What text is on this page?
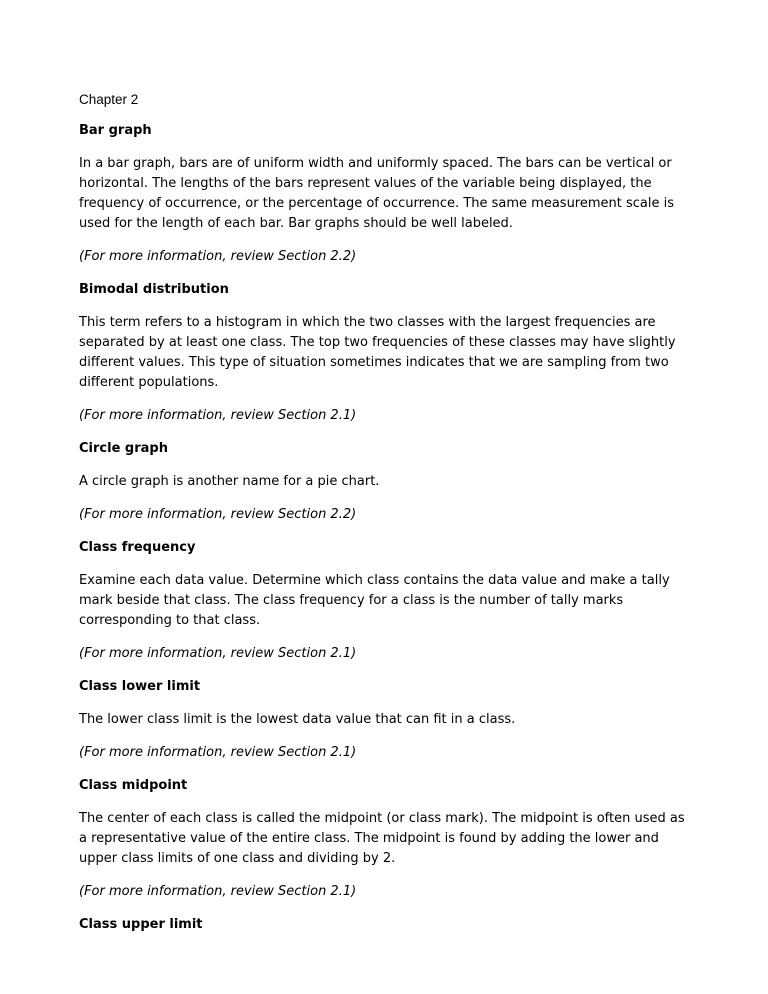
Chapter 2
Bar graph
In a bar graph, bars are of uniform width and uniformly spaced. The bars can be vertical or horizontal. The lengths of the bars represent values of the variable being displayed, the frequency of occurrence, or the percentage of occurrence. The same measurement scale is used for the length of each bar. Bar graphs should be well labeled.
(For more information, review Section 2.2)
Bimodal distribution
This term refers to a histogram in which the two classes with the largest frequencies are separated by at least one class. The top two frequencies of these classes may have slightly different values. This type of situation sometimes indicates that we are sampling from two different populations.
(For more information, review Section 2.1)
Circle graph
A circle graph is another name for a pie chart.
(For more information, review Section 2.2)
Class frequency
Examine each data value. Determine which class contains the data value and make a tally mark beside that class. The class frequency for a class is the number of tally marks corresponding to that class.
(For more information, review Section 2.1)
Class lower limit
The lower class limit is the lowest data value that can fit in a class.
(For more information, review Section 2.1)
Class midpoint
The center of each class is called the midpoint (or class mark). The midpoint is often used as a representative value of the entire class. The midpoint is found by adding the lower and upper class limits of one class and dividing by 2.
(For more information, review Section 2.1)
Class upper limit
